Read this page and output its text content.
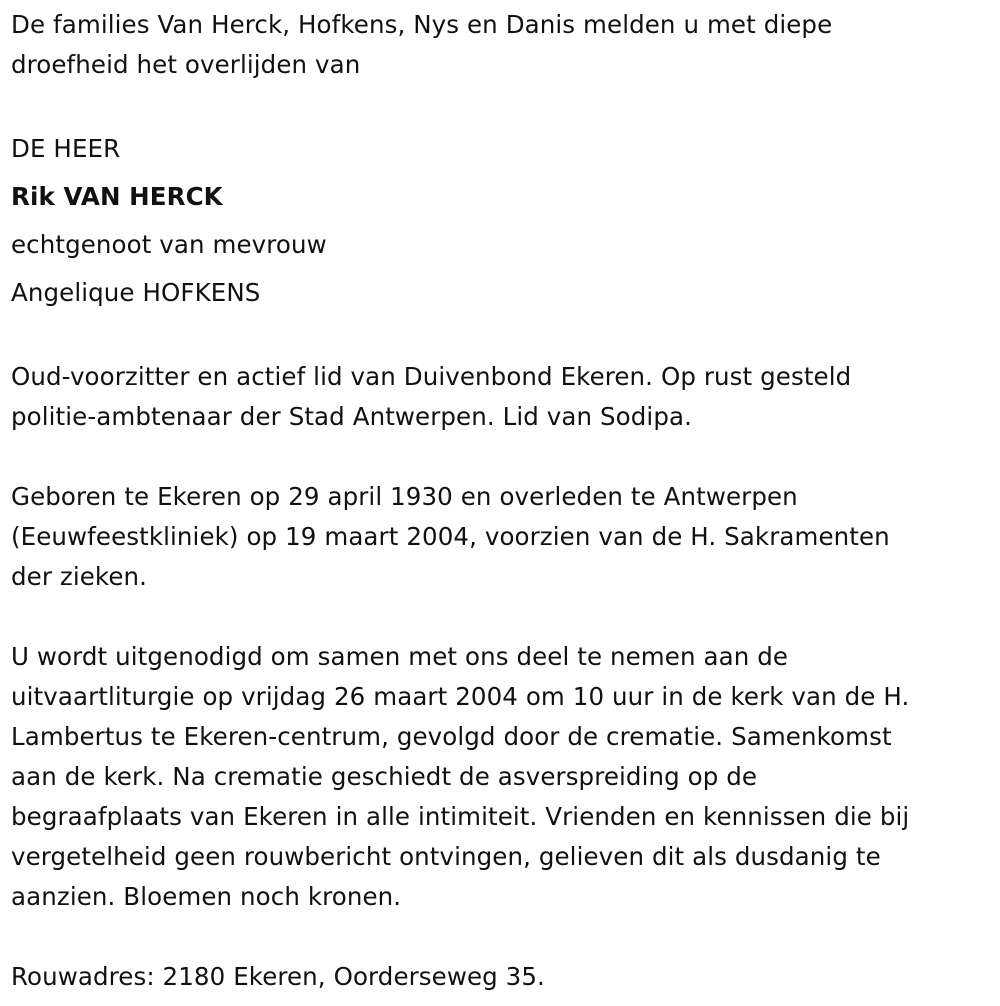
De families Van Herck, Hofkens, Nys en Danis melden u met diepe
droefheid het overlijden van

DE HEER

Rik VAN HERCK

echtgenoot van mevrouw

Angelique HOFKENS

Oud-voorzitter en actief lid van Duivenbond Ekeren. Op rust gesteld
politie-ambtenaar der Stad Antwerpen. Lid van Sodipa.
Geboren te Ekeren op 29 april 1930 en overleden te Antwerpen
(Eeuwfeestkliniek) op 19 maart 2004, voorzien van de H. Sakramenten
der zieken.
U wordt uitgenodigd om samen met ons deel te nemen aan de
uitvaartliturgie op vrijdag 26 maart 2004 om 10 uur in de kerk van de H.
Lambertus te Ekeren-centrum, gevolgd door de crematie. Samenkomst
aan de kerk. Na crematie geschiedt de asverspreiding op de
begraafplaats van Ekeren in alle intimiteit. Vrienden en kennissen die bij
vergetelheid geen rouwbericht ontvingen, gelieven dit als dusdanig te
aanzien. Bloemen noch kronen.
Rouwadres: 2180 Ekeren, Oorderseweg 35.
